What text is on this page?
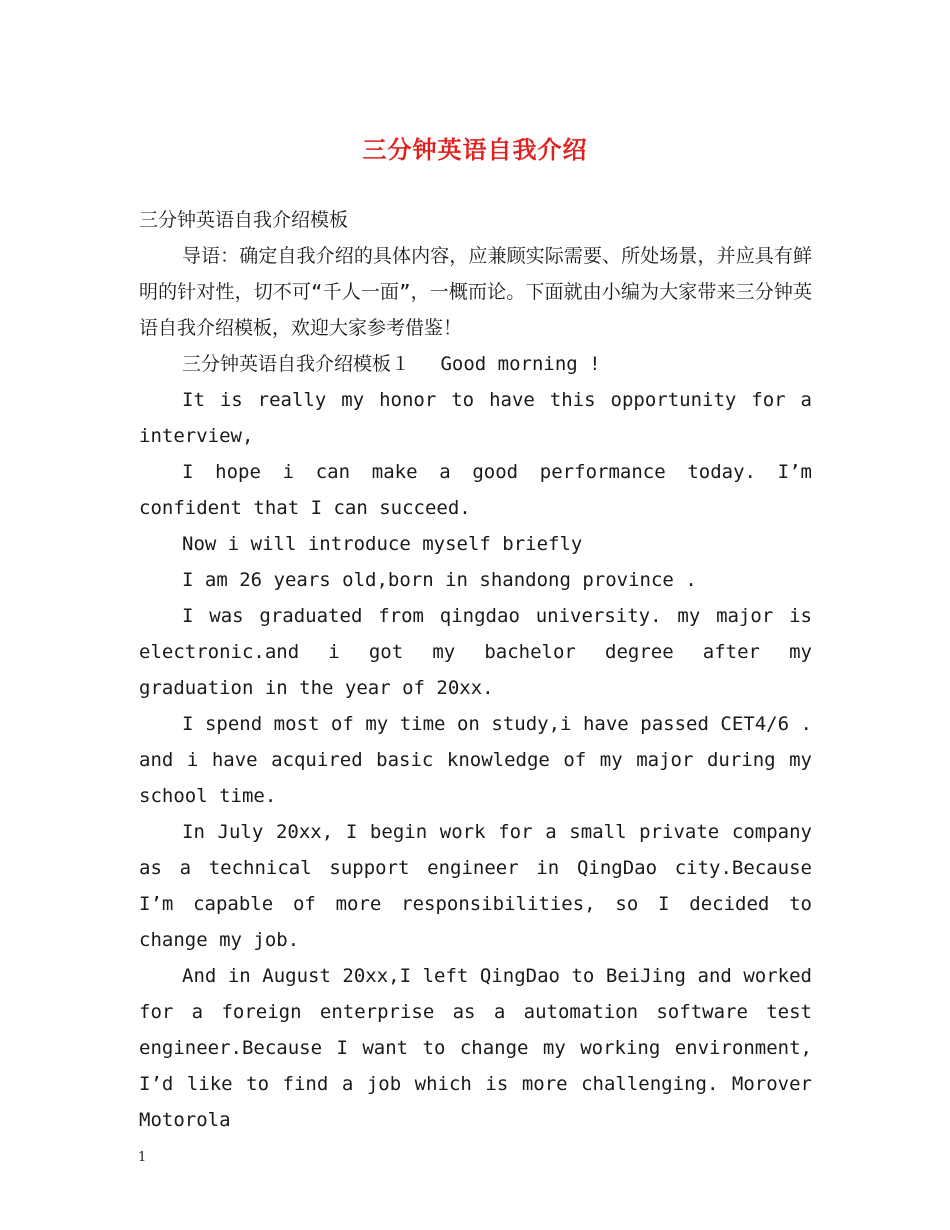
三分钟英语自我介绍

三分钟英语自我介绍模板

导语：确定自我介绍的具体内容，应兼顾实际需要、所处场景，并应具有鲜明的针对性，切不可“千人一面”，一概而论。下面就由小编为大家带来三分钟英语自我介绍模板，欢迎大家参考借鉴！

三分钟英语自我介绍模板１　 Good morning !

It is really my honor to have this opportunity for a interview,

I hope i can make a good performance today. I’m confident that I can succeed.

Now i will introduce myself briefly

I am 26 years old,born in shandong province .

I was graduated from qingdao university. my major is electronic.and i got my bachelor degree after my graduation in the year of 20xx.

I spend most of my time on study,i have passed CET4/6 . and i have acquired basic knowledge of my major during my school time.

In July 20xx, I begin work for a small private company as a technical support engineer in QingDao city.Because I’m capable of more responsibilities, so I decided to change my job.

And in August 20xx,I left QingDao to BeiJing and worked for a foreign enterprise as a automation software test engineer.Because I want to change my working environment, I’d like to find a job which is more challenging. Morover Motorola

1
